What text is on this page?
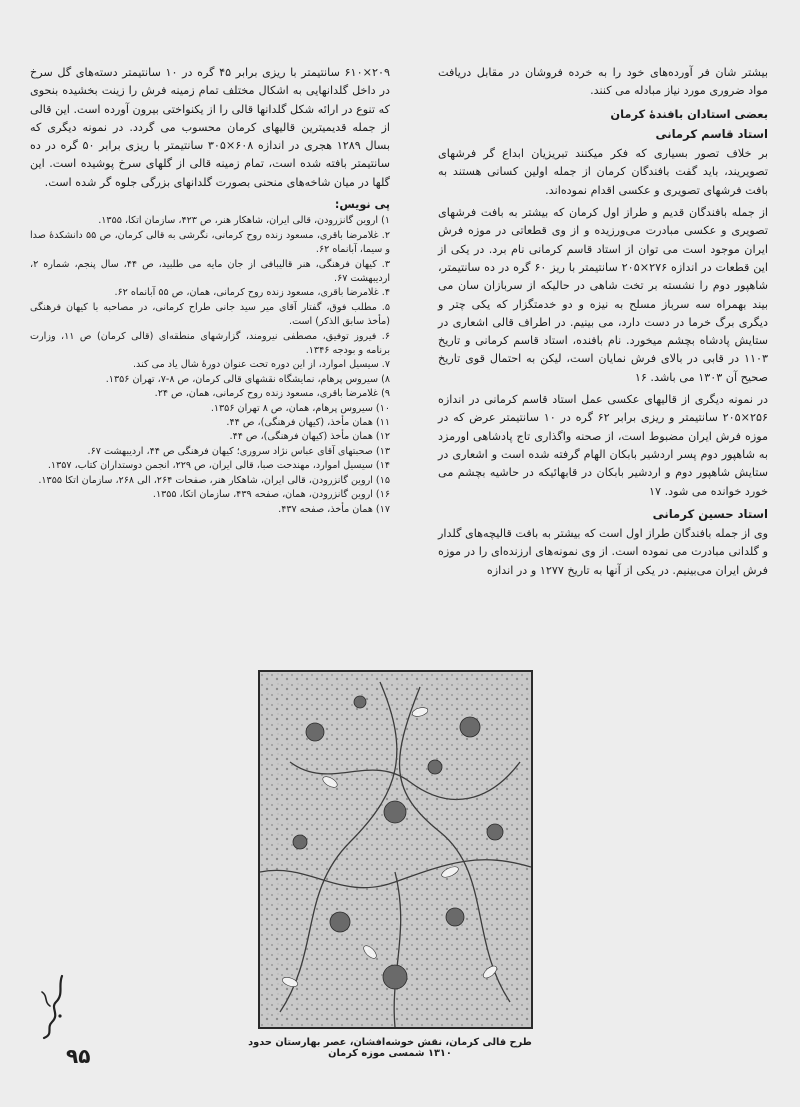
بیشتر شان فر آورده‌های خود را به خرده فروشان در مقابل دریافت مواد ضروری مورد نیاز مبادله می کنند.

بعضی استادان بافندهٔ کرمان
استاد قاسم کرمانی

بر خلاف تصور بسیاری که فکر میکنند تبریزیان ابداع گر فرشهای تصویریند، باید گفت بافندگان کرمان از جمله اولین کسانی هستند به بافت فرشهای تصویری و عکسی اقدام نموده‌اند.

از جمله بافندگان قدیم و طراز اول کرمان که بیشتر به بافت فرشهای تصویری و عکسی مبادرت می‌ورزیده و از وی قطعاتی در موزه فرش ایران موجود است می توان از استاد قاسم کرمانی نام برد. در یکی از این قطعات در اندازه ۲۷۶×۲۰۵ سانتیمتر با ریز ۶۰ گره در ده سانتیمتر، شاهپور دوم را نشسته بر تخت شاهی در حالیکه از سربازان سان می بیند بهمراه سه سرباز مسلح به نیزه و دو خدمتگزار که یکی چتر و دیگری برگ خرما در دست دارد، می بینیم. در اطراف قالی اشعاری در ستایش پادشاه بچشم میخورد. نام بافنده، استاد قاسم کرمانی و تاریخ ۱۱۰۳ در قابی در بالای فرش نمایان است، لیکن به احتمال قوی تاریخ صحیح آن ۱۳۰۳ می باشد. ۱۶

در نمونه دیگری از قالیهای عکسی عمل استاد قاسم کرمانی در اندازه ۲۵۶×۲۰۵ سانتیمتر و ریزی برابر ۶۲ گره در ۱۰ سانتیمتر عرض که در موزه فرش ایران مضبوط است، از صحنه واگذاری تاج پادشاهی اورمزد به شاهپور دوم پسر اردشیر بابکان الهام گرفته شده است و اشعاری در ستایش شاهپور دوم و اردشیر بابکان در قابهائیکه در حاشیه بچشم می خورد خوانده می شود. ۱۷

استاد حسین کرمانی

وی از جمله بافندگان طراز اول است که بیشتر به بافت قالیچه‌های گلدار و گلدانی مبادرت می نموده است. از وی نمونه‌های ارزنده‌ای را در موزه فرش ایران می‌بینیم. در یکی از آنها به تاریخ ۱۲۷۷ و در اندازه

۲۰۹×۶۱۰ سانتیمتر با ریزی برابر ۴۵ گره در ۱۰ سانتیمتر دسته‌های گل سرخ در داخل گلدانهایی به اشکال مختلف تمام زمینه فرش را زینت بخشیده بنحوی که تنوع در ارائه شکل گلدانها قالی را از یکنواختی بیرون آورده است. این قالی از جمله قدیمیترین قالیهای کرمان محسوب می گردد. در نمونه دیگری که بسال ۱۲۸۹ هجری در اندازه ۶۰۸×۳۰۵ سانتیمتر با ریزی برابر ۵۰ گره در ده سانتیمتر بافته شده است، تمام زمینه قالی از گلهای سرخ پوشیده است. این گلها در میان شاخه‌های منحنی بصورت گلدانهای بزرگی جلوه گر شده است.

پی نویس:
۱) اروین گانزرودن، قالی ایران، شاهکار هنر، ص ۴۲۳، سازمان اتکا، ۱۳۵۵.
۲. غلامرضا باقری، مسعود زنده روح کرمانی، نگرشی به قالی کرمان، ص ۵۵ دانشکدهٔ صدا و سیما، آبانماه ۶۲.
۳. کیهان فرهنگی، هنر قالیبافی از جان مایه می طلبید، ص ۴۴، سال پنجم، شماره ۲، اردیبهشت ۶۷.
۴. غلامرضا باقری، مسعود زنده روح کرمانی، همان، ص ۵۵ آبانماه ۶۲.
۵. مطلب فوق، گفتار آقای میر سید جانی طراح کرمانی، در مصاحبه با کیهان فرهنگی (مأخذ سابق الذکر) است.
۶. فیروز توفیق، مصطفی نیرومند، گزارشهای منطقه‌ای (قالی کرمان) ص ۱۱، وزارت برنامه و بودجه ۱۳۴۶.
۷. سیسیل اموارد، از این دوره تحت عنوان دورهٔ شال یاد می کند.
۸) سیروس پرهام، نمایشگاه نقشهای قالی کرمان، ص ۸-۷، تهران ۱۳۵۶.
۹) غلامرضا باقری، مسعود زنده روح کرمانی، همان، ص ۲۴.
۱۰) سیروس پرهام، همان، ص ۸ تهران ۱۳۵۶.
۱۱) همان مأخذ، (کیهان فرهنگی)، ص ۴۴.
۱۲) همان مأخذ (کیهان فرهنگی)، ص ۴۴.
۱۳) صحبتهای آقای عباس نژاد سروری؛ کیهان فرهنگی ص ۴۴، اردیبهشت ۶۷.
۱۴) سیسیل اموارد، مهندحت صبا، قالی ایران، ص ۲۲۹، انجمن دوستداران کتاب، ۱۳۵۷.
۱۵) اروین گانزرودن، قالی ایران، شاهکار هنر، صفحات ۲۶۴، الی ۲۶۸، سازمان اتکا ۱۳۵۵.
۱۶) اروین گانزرودن، همان، صفحه ۴۳۹، سازمان اتکا، ۱۳۵۵.
۱۷) همان مأخذ، صفحه ۴۳۷.
طرح قالی کرمان، نقش خوشه‌افشان، عصر بهارستان حدود ۱۳۱۰ شمسی موزه کرمان
۹۵
